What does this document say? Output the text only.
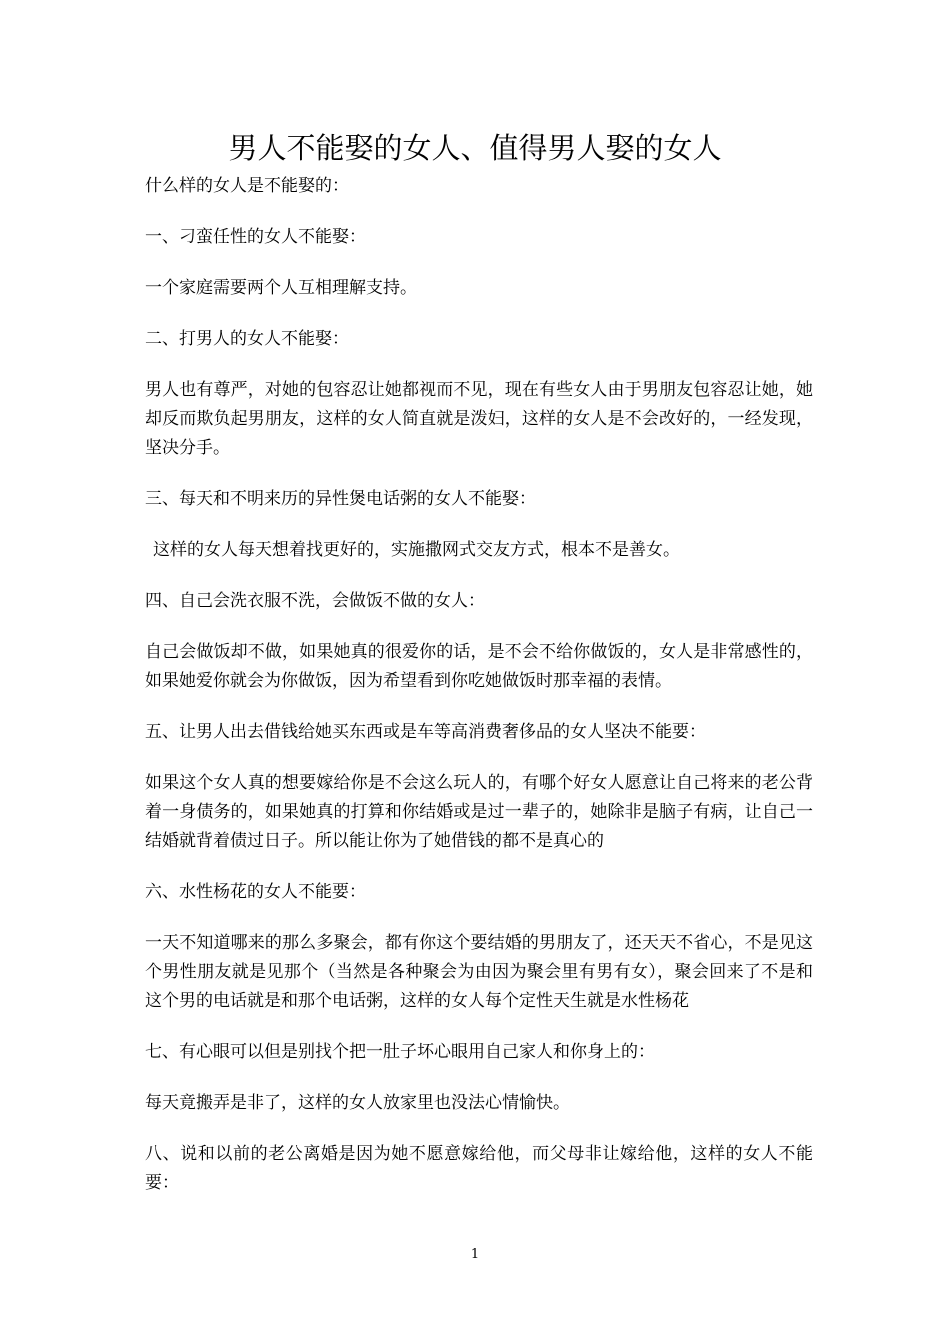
男人不能娶的女人、值得男人娶的女人

什么样的女人是不能娶的：

一、刁蛮任性的女人不能娶：

一个家庭需要两个人互相理解支持。

二、打男人的女人不能娶：

男人也有尊严，对她的包容忍让她都视而不见，现在有些女人由于男朋友包容忍让她，她却反而欺负起男朋友，这样的女人简直就是泼妇，这样的女人是不会改好的，一经发现，坚决分手。

三、每天和不明来历的异性煲电话粥的女人不能娶：

这样的女人每天想着找更好的，实施撒网式交友方式，根本不是善女。

四、自己会洗衣服不洗，会做饭不做的女人：

自己会做饭却不做，如果她真的很爱你的话，是不会不给你做饭的，女人是非常感性的，如果她爱你就会为你做饭，因为希望看到你吃她做饭时那幸福的表情。

五、让男人出去借钱给她买东西或是车等高消费奢侈品的女人坚决不能要：

如果这个女人真的想要嫁给你是不会这么玩人的，有哪个好女人愿意让自己将来的老公背着一身债务的，如果她真的打算和你结婚或是过一辈子的，她除非是脑子有病，让自己一结婚就背着债过日子。所以能让你为了她借钱的都不是真心的

六、水性杨花的女人不能要：

一天不知道哪来的那么多聚会，都有你这个要结婚的男朋友了，还天天不省心，不是见这个男性朋友就是见那个（当然是各种聚会为由因为聚会里有男有女），聚会回来了不是和这个男的电话就是和那个电话粥，这样的女人每个定性天生就是水性杨花

七、有心眼可以但是别找个把一肚子坏心眼用自己家人和你身上的：

每天竟搬弄是非了，这样的女人放家里也没法心情愉快。

八、说和以前的老公离婚是因为她不愿意嫁给他，而父母非让嫁给他，这样的女人不能要：

1
